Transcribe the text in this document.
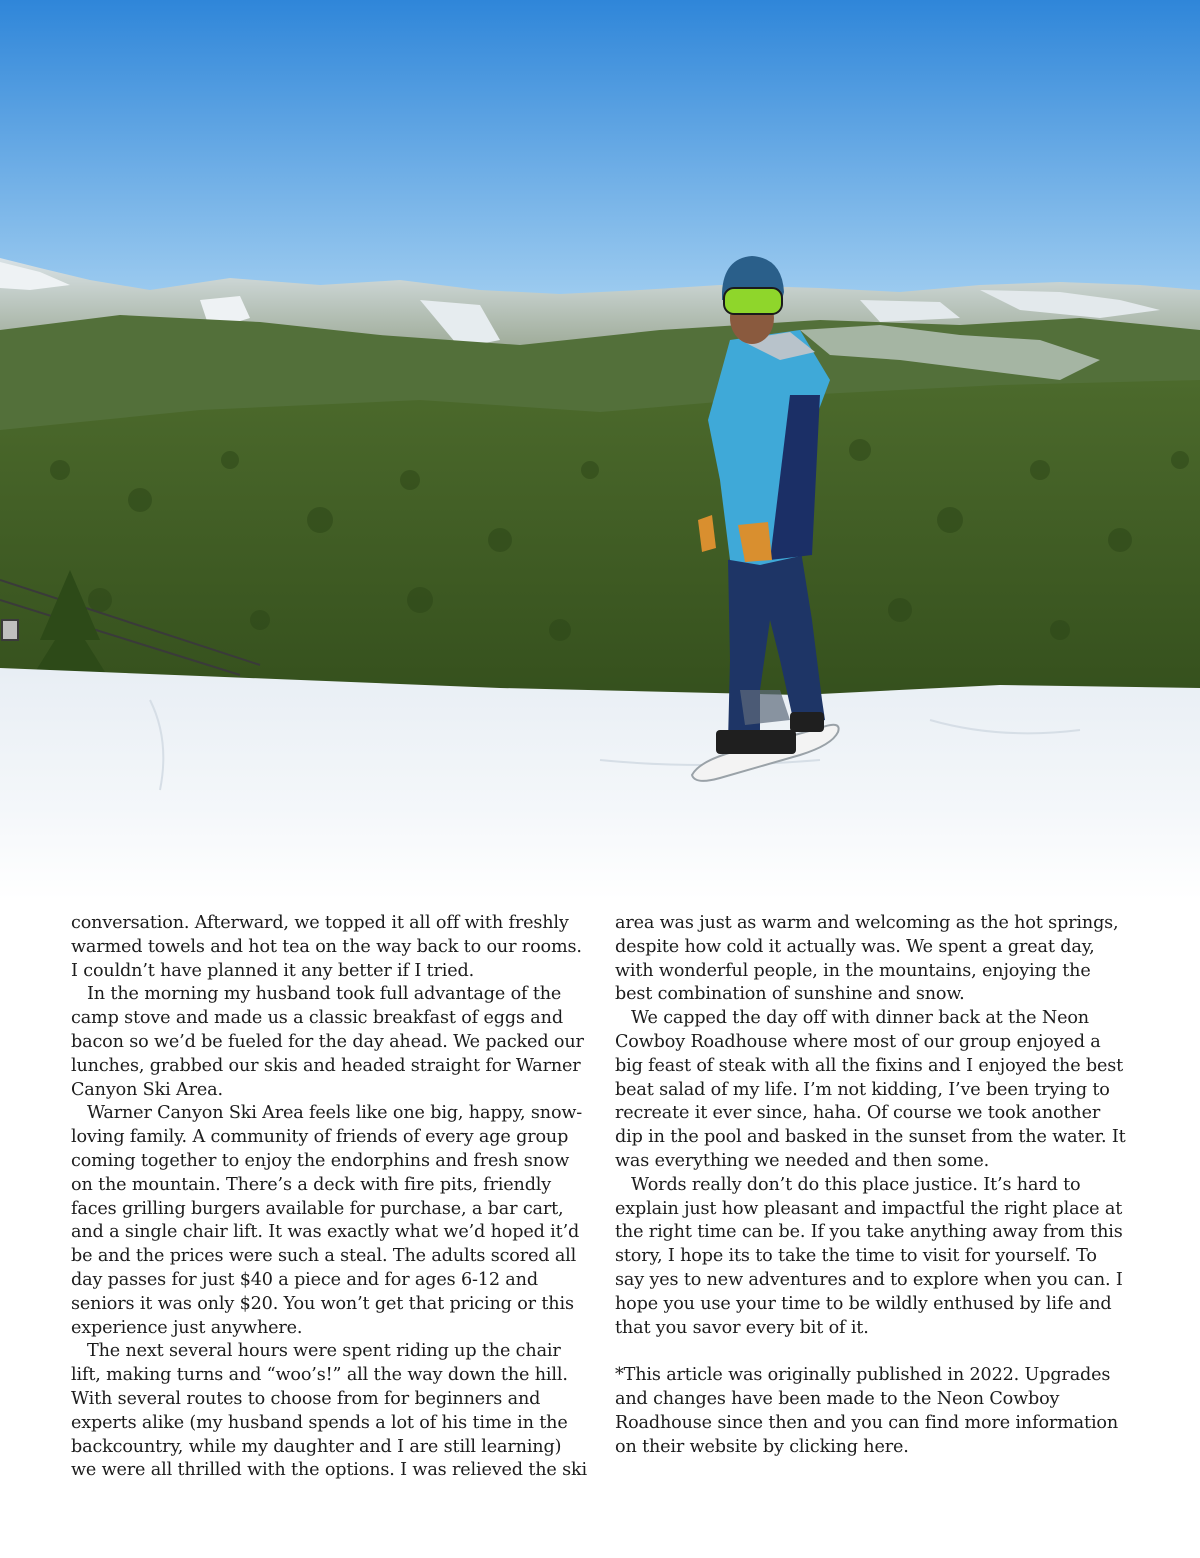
conversation. Afterward, we topped it all off with freshly warmed towels and hot tea on the way back to our rooms. I couldn’t have planned it any better if I tried.

In the morning my husband took full advantage of the camp stove and made us a classic breakfast of eggs and bacon so we’d be fueled for the day ahead. We packed our lunches, grabbed our skis and headed straight for Warner Canyon Ski Area.

Warner Canyon Ski Area feels like one big, happy, snow-loving family. A community of friends of every age group coming together to enjoy the endorphins and fresh snow on the mountain. There’s a deck with fire pits, friendly faces grilling burgers available for purchase, a bar cart, and a single chair lift. It was exactly what we’d hoped it’d be and the prices were such a steal. The adults scored all day passes for just $40 a piece and for ages 6-12 and seniors it was only $20. You won’t get that pricing or this experience just anywhere.

The next several hours were spent riding up the chair lift, making turns and “woo’s!” all the way down the hill. With several routes to choose from for beginners and experts alike (my husband spends a lot of his time in the backcountry, while my daughter and I are still learning) we were all thrilled with the options. I was relieved the ski

area was just as warm and welcoming as the hot springs, despite how cold it actually was. We spent a great day, with wonderful people, in the mountains, enjoying the best combination of sunshine and snow.

We capped the day off with dinner back at the Neon Cowboy Roadhouse where most of our group enjoyed a big feast of steak with all the fixins and I enjoyed the best beat salad of my life. I’m not kidding, I’ve been trying to recreate it ever since, haha. Of course we took another dip in the pool and basked in the sunset from the water. It was everything we needed and then some.

Words really don’t do this place justice. It’s hard to explain just how pleasant and impactful the right place at the right time can be. If you take anything away from this story, I hope its to take the time to visit for yourself. To say yes to new adventures and to explore when you can. I hope you use your time to be wildly enthused by life and that you savor every bit of it.

*This article was originally published in 2022. Upgrades and changes have been made to the Neon Cowboy Roadhouse since then and you can find more information on their website by clicking here.
